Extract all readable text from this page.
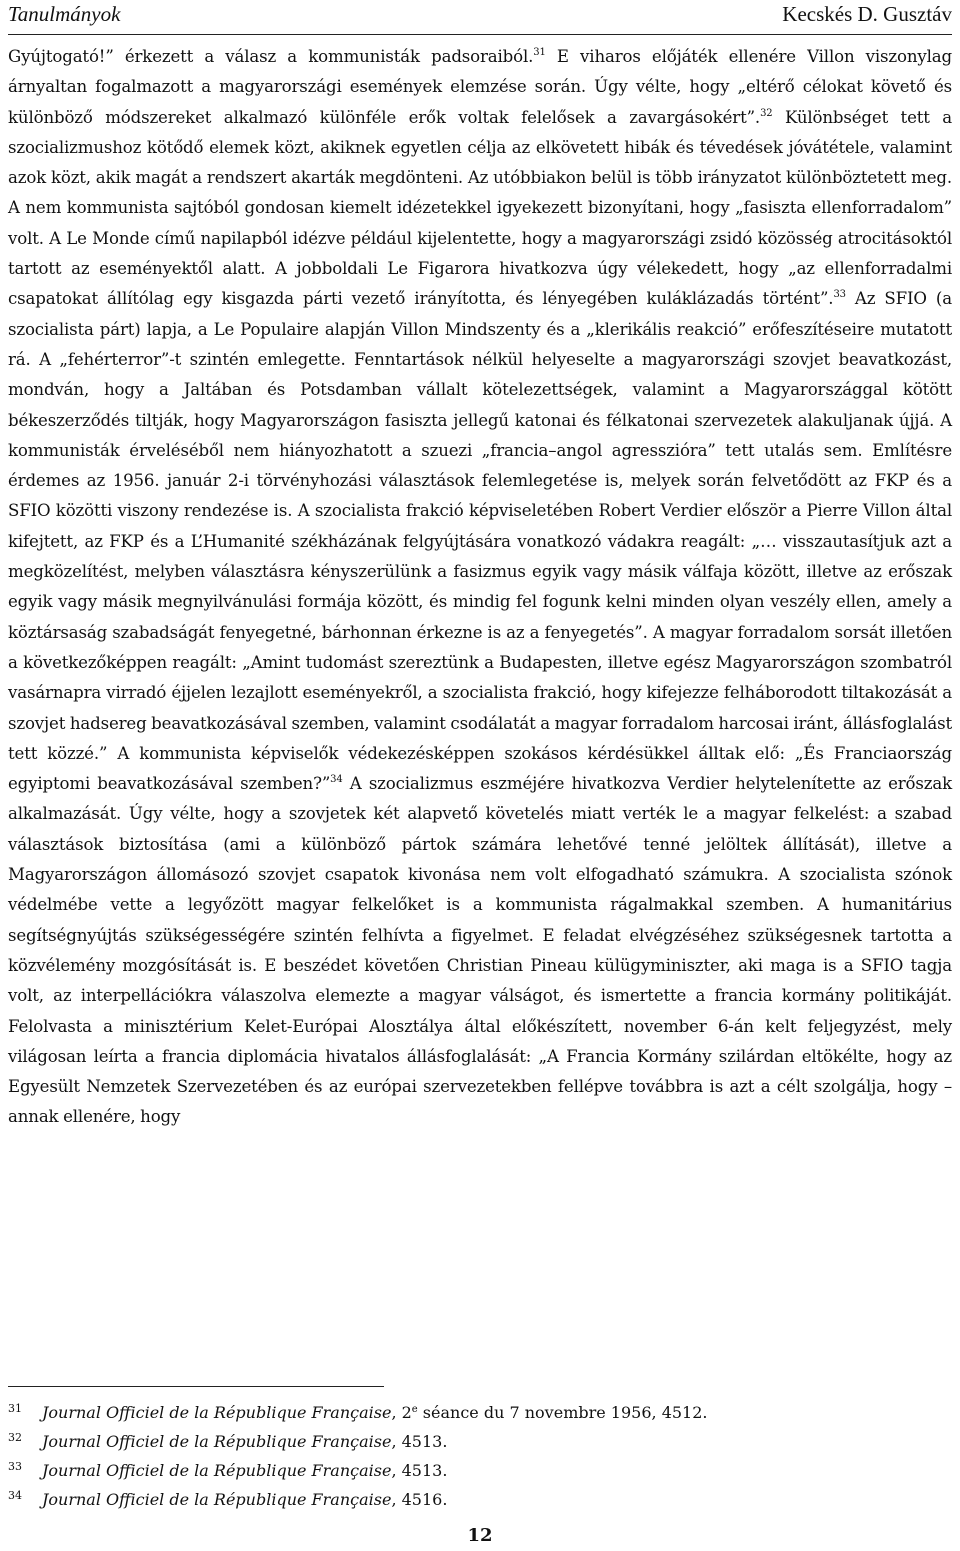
Tanulmányok	Kecskés D. Gusztáv

Gyújtogató!” érkezett a válasz a kommunisták padsoraiból.$^{31}$ E viharos előjáték ellenére Villon viszonylag árnyaltan fogalmazott a magyarországi események elemzése során. Úgy vélte, hogy „eltérő célokat követő és különböző módszereket alkalmazó különféle erők voltak felelősek a zavargásokért”.$^{32}$ Különbséget tett a szocializmushoz kötődő elemek közt, akiknek egyetlen célja az elkövetett hibák és tévedések jóvátétele, valamint azok közt, akik magát a rendszert akarták megdönteni. Az utóbbiakon belül is több irányzatot különböztetett meg. A nem kommunista sajtóból gondosan kiemelt idézetekkel igyekezett bizonyítani, hogy „fasiszta ellenforradalom” volt. A Le Monde című napilapból idézve például kijelentette, hogy a magyarországi zsidó közösség atrocitásoktól tartott az eseményektől alatt. A jobboldali Le Figarora hivatkozva úgy vélekedett, hogy „az ellenforradalmi csapatokat állítólag egy kisgazda párti vezető irányította, és lényegében kuláklázadás történt”.$^{33}$ Az SFIO (a szocialista párt) lapja, a Le Populaire alapján Villon Mindszenty és a „klerikális reakció” erőfeszítéseire mutatott rá. A „fehérterror”-t szintén emlegette. Fenntartások nélkül helyeselte a magyarországi szovjet beavatkozást, mondván, hogy a Jaltában és Potsdamban vállalt kötelezettségek, valamint a Magyarországgal kötött békeszerződés tiltják, hogy Magyarországon fasiszta jellegű katonai és félkatonai szervezetek alakuljanak újjá. A kommunisták érveléséből nem hiányozhatott a szuezi „francia–angol agresszióra” tett utalás sem. Említésre érdemes az 1956. január 2-i törvényhozási választások felemlegetése is, melyek során felvetődött az FKP és a SFIO közötti viszony rendezése is. A szocialista frakció képviseletében Robert Verdier először a Pierre Villon által kifejtett, az FKP és a L’Humanité székházának felgyújtására vonatkozó vádakra reagált: „… visszautasítjuk azt a megközelítést, melyben választásra kényszerülünk a fasizmus egyik vagy másik válfaja között, illetve az erőszak egyik vagy másik megnyilvánulási formája között, és mindig fel fogunk kelni minden olyan veszély ellen, amely a köztársaság szabadságát fenyegetné, bárhonnan érkezne is az a fenyegetés”. A magyar forradalom sorsát illetően a következőképpen reagált: „Amint tudomást szereztünk a Budapesten, illetve egész Magyarországon szombatról vasárnapra virradó éjjelen lezajlott eseményekről, a szocialista frakció, hogy kifejezze felháborodott tiltakozását a szovjet hadsereg beavatkozásával szemben, valamint csodálatát a magyar forradalom harcosai iránt, állásfoglalást tett közzé.” A kommunista képviselők védekezésképpen szokásos kérdésükkel álltak elő: „És Franciaország egyiptomi beavatkozásával szemben?”$^{34}$ A szocializmus eszméjére hivatkozva Verdier helytelenítette az erőszak alkalmazását. Úgy vélte, hogy a szovjetek két alapvető követelés miatt verték le a magyar felkelést: a szabad választások biztosítása (ami a különböző pártok számára lehetővé tenné jelöltek állítását), illetve a Magyarországon állomásozó szovjet csapatok kivonása nem volt elfogadható számukra. A szocialista szónok védelmébe vette a legyőzött magyar felkelőket is a kommunista rágalmakkal szemben. A humanitárius segítségnyújtás szükségességére szintén felhívta a figyelmet. E feladat elvégzéséhez szükségesnek tartotta a közvélemény mozgósítását is. E beszédet követően Christian Pineau külügyminiszter, aki maga is a SFIO tagja volt, az interpellációkra válaszolva elemezte a magyar válságot, és ismertette a francia kormány politikáját. Felolvasta a minisztérium Kelet-Európai Alosztálya által előkészített, november 6-án kelt feljegyzést, mely világosan leírta a francia diplomácia hivatalos állásfoglalását: „A Francia Kormány szilárdan eltökélte, hogy az Egyesült Nemzetek Szervezetében és az európai szervezetekben fellépve továbbra is azt a célt szolgálja, hogy – annak ellenére, hogy

31 Journal Officiel de la République Française, 2e séance du 7 novembre 1956, 4512.
32 Journal Officiel de la République Française, 4513.
33 Journal Officiel de la République Française, 4513.
34 Journal Officiel de la République Française, 4516.
12
